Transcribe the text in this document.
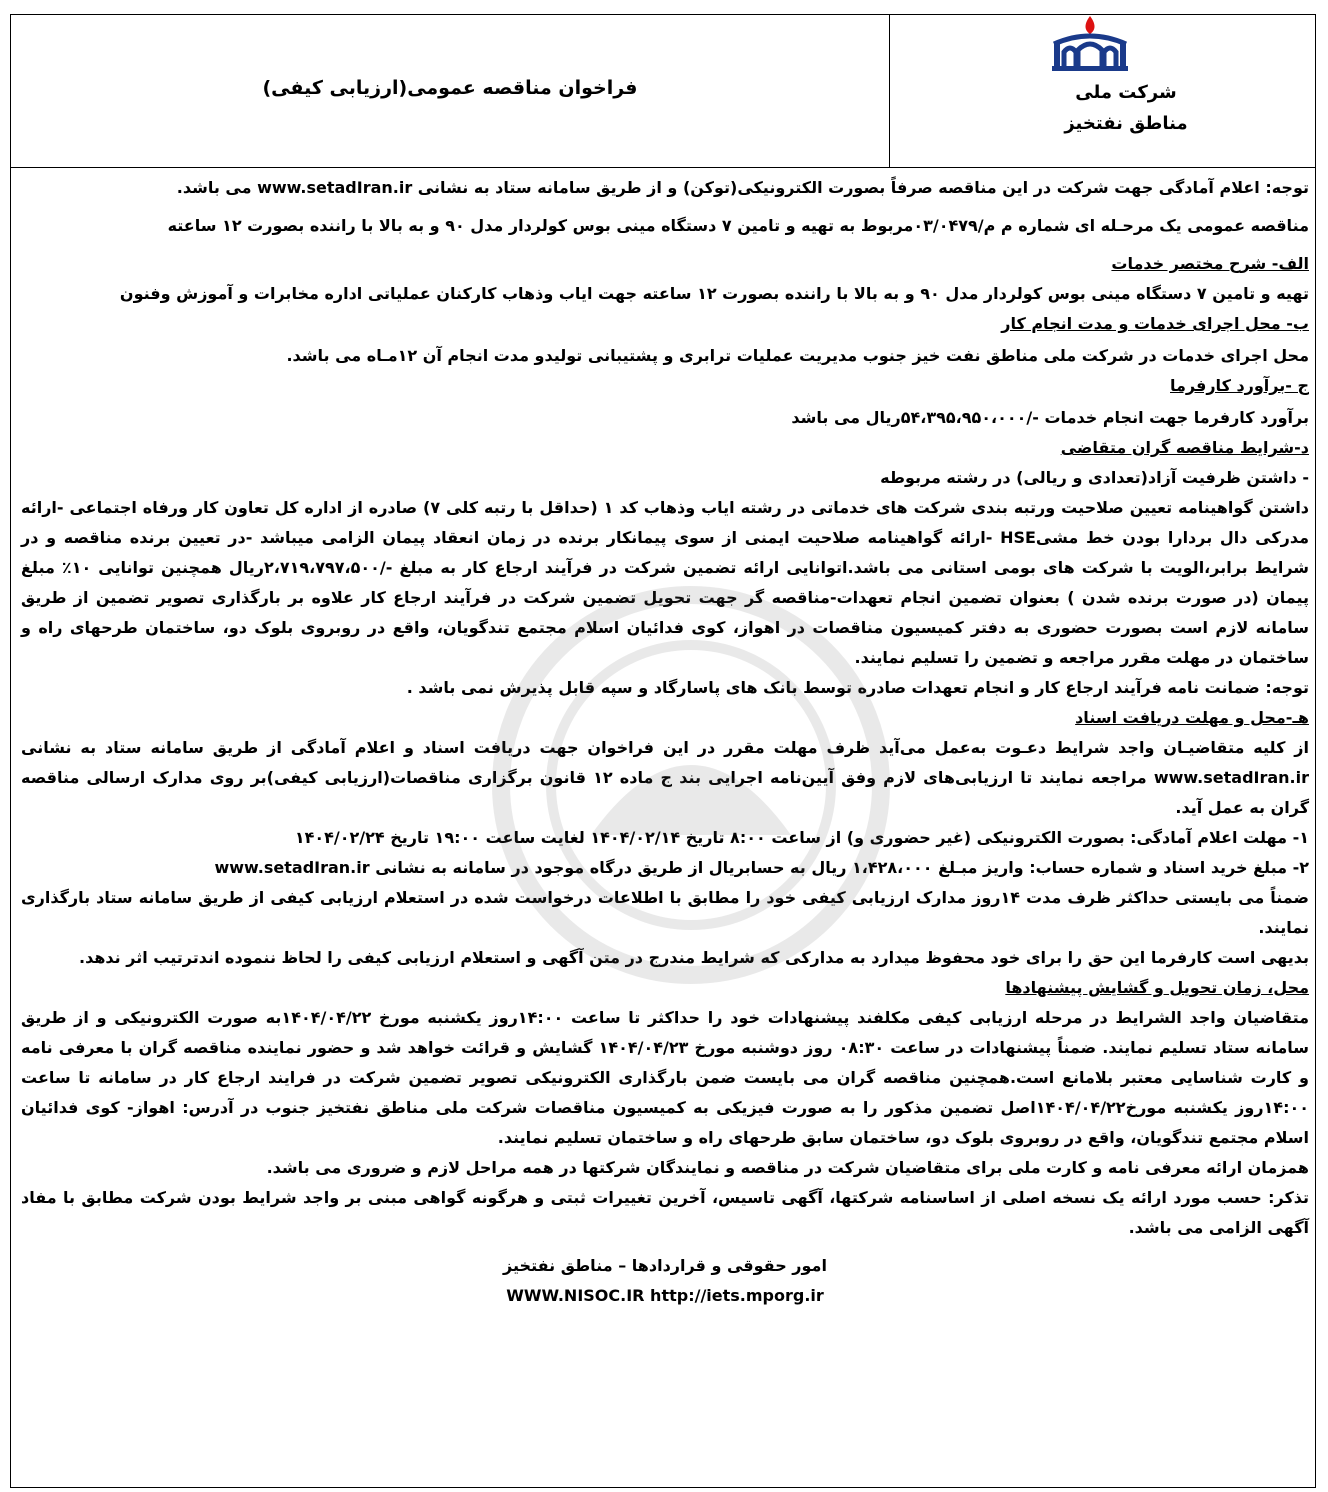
فراخوان مناقصه عمومی(ارزیابی کیفی)

توجه: اعلام آمادگی جهت شرکت در این مناقصه صرفاً بصورت الکترونیکی(توکن) و از طریق سامانه ستاد به نشانی www.setadIran.ir می باشد.

مناقصه عمومی یک مرحـله ای شماره م م/۰۳/۰۴۷۹مربوط به تهیه و تامین ۷ دستگاه مینی بوس کولردار مدل ۹۰ و به بالا با راننده بصورت ۱۲ ساعته

الف- شرح مختصر خدمات

تهیه و تامین ۷ دستگاه مینی بوس کولردار مدل ۹۰ و به بالا با راننده بصورت ۱۲ ساعته جهت ایاب وذهاب کارکنان عملیاتی اداره مخابرات و آموزش وفنون

ب- محل اجرای خدمات و مدت انجام کار

محل اجرای خدمات در شرکت ملی مناطق نفت خیز جنوب مدیریت عملیات ترابری و پشتیبانی تولیدو مدت انجام آن ۱۲مـاه می باشد.

ج -برآورد کارفرما

برآورد کارفرما جهت انجام خدمات -/۵۴،۳۹۵،۹۵۰،۰۰۰ریال می باشد

د-شرایط مناقصه گران متقاضی

- داشتن ظرفیت آزاد(تعدادی و ریالی) در رشته مربوطه

داشتن گواهینامه تعیین صلاحیت ورتبه بندی شرکت های خدماتی در رشته ایاب وذهاب کد ۱ (حداقل با رتبه کلی ۷) صادره از اداره کل تعاون کار ورفاه اجتماعی -ارائه مدرکی دال بردارا بودن خط مشیHSE -ارائه گواهینامه صلاحیت ایمنی از سوی پیمانکار برنده در زمان انعقاد پیمان الزامی میباشد -در تعیین برنده مناقصه و در شرایط برابر،الویت با شرکت های بومی استانی می باشد.اتوانایی ارائه تضمین شرکت در فرآیند ارجاع کار به مبلغ -/۲،۷۱۹،۷۹۷،۵۰۰ریال همچنین توانایی ۱۰٪ مبلغ پیمان (در صورت برنده شدن ) بعنوان تضمین انجام تعهدات-مناقصه گر جهت تحویل تضمین شرکت در فرآیند ارجاع کار علاوه بر بارگذاری تصویر تضمین از طریق سامانه لازم است بصورت حضوری به دفتر کمیسیون مناقصات در اهواز، کوی فدائیان اسلام مجتمع تندگویان، واقع در روبروی بلوک دو، ساختمان طرحهای راه و ساختمان در مهلت مقرر مراجعه و تضمین را تسلیم نمایند.

توجه: ضمانت نامه فرآیند ارجاع کار و انجام تعهدات صادره توسط بانک های پاسارگاد و سپه قابل پذیرش نمی باشد .

هـ-محل و مهلت دریافت اسناد

از کلیه متقاضیـان واجد شرایط دعـوت به‌عمل می‌آید ظرف مهلت مقرر در این فراخوان جهت دریافت اسناد و اعلام آمادگی از طریق سامانه ستاد به نشانی www.setadIran.ir مراجعه نمایند تا ارزیابی‌های لازم وفق آیین‌نامه اجرایی بند ج ماده ۱۲ قانون برگزاری مناقصات(ارزیابی کیفی)بر روی مدارک ارسالی مناقصه گران به عمل آید.

۱- مهلت اعلام آمادگی: بصورت الکترونیکی (غیر حضوری و) از ساعت ۸:۰۰ تاریخ ۱۴۰۴/۰۲/۱۴ لغایت ساعت ۱۹:۰۰ تاریخ ۱۴۰۴/۰۲/۲۴

۲- مبلغ خرید اسناد و شماره حساب: واریز مبـلغ ۱،۴۲۸،۰۰۰ ریال به حسابریال از طریق درگاه موجود در سامانه به نشانی www.setadIran.ir

ضمناً می بایستی حداکثر ظرف مدت ۱۴روز مدارک ارزیابی کیفی خود را مطابق با اطلاعات درخواست شده در استعلام ارزیابی کیفی از طریق سامانه ستاد بارگذاری نمایند.

بدیهی است کارفرما این حق را برای خود محفوظ میدارد به مدارکی که شرایط مندرج در متن آگهی و استعلام ارزیابی کیفی را لحاظ ننموده اندترتیب اثر ندهد.

محل، زمان تحویل و گشایش پیشنهادها

متقاضیان واجد الشرایط در مرحله ارزیابی کیفی مکلفند پیشنهادات خود را حداکثر تا ساعت ۱۴:۰۰روز یکشنبه مورخ ۱۴۰۴/۰۴/۲۲به صورت الکترونیکی و از طریق سامانه ستاد تسلیم نمایند. ضمناً پیشنهادات در ساعت ۰۸:۳۰ روز دوشنبه مورخ ۱۴۰۴/۰۴/۲۳ گشایش و قرائت خواهد شد و حضور نماینده مناقصه گران با معرفی نامه و کارت شناسایی معتبر بلامانع است.همچنین مناقصه گران می بایست ضمن بارگذاری الکترونیکی تصویر تضمین شرکت در فرایند ارجاع کار در سامانه تا ساعت ۱۴:۰۰روز یکشنبه مورخ۱۴۰۴/۰۴/۲۲اصل تضمین مذکور را به صورت فیزیکی به کمیسیون مناقصات شرکت ملی مناطق نفتخیز جنوب در آدرس: اهواز- کوی فدائیان اسلام مجتمع تندگویان، واقع در روبروی بلوک دو، ساختمان سابق طرحهای راه و ساختمان تسلیم نمایند.

همزمان ارائه معرفی نامه و کارت ملی برای متقاضیان شرکت در مناقصه و نمایندگان شرکتها در همه مراحل لازم و ضروری می باشد.

تذکر: حسب مورد ارائه یک نسخه اصلی از اساسنامه شرکتها، آگهی تاسیس، آخرین تغییرات ثبتی و هرگونه گواهی مبنی بر واجد شرایط بودن شرکت مطابق با مفاد آگهی الزامی می باشد.

امور حقوقی و قراردادها – مناطق نفتخیز

WWW.NISOC.IR http://iets.mporg.ir

شرکت ملی
مناطق نفتخیز
